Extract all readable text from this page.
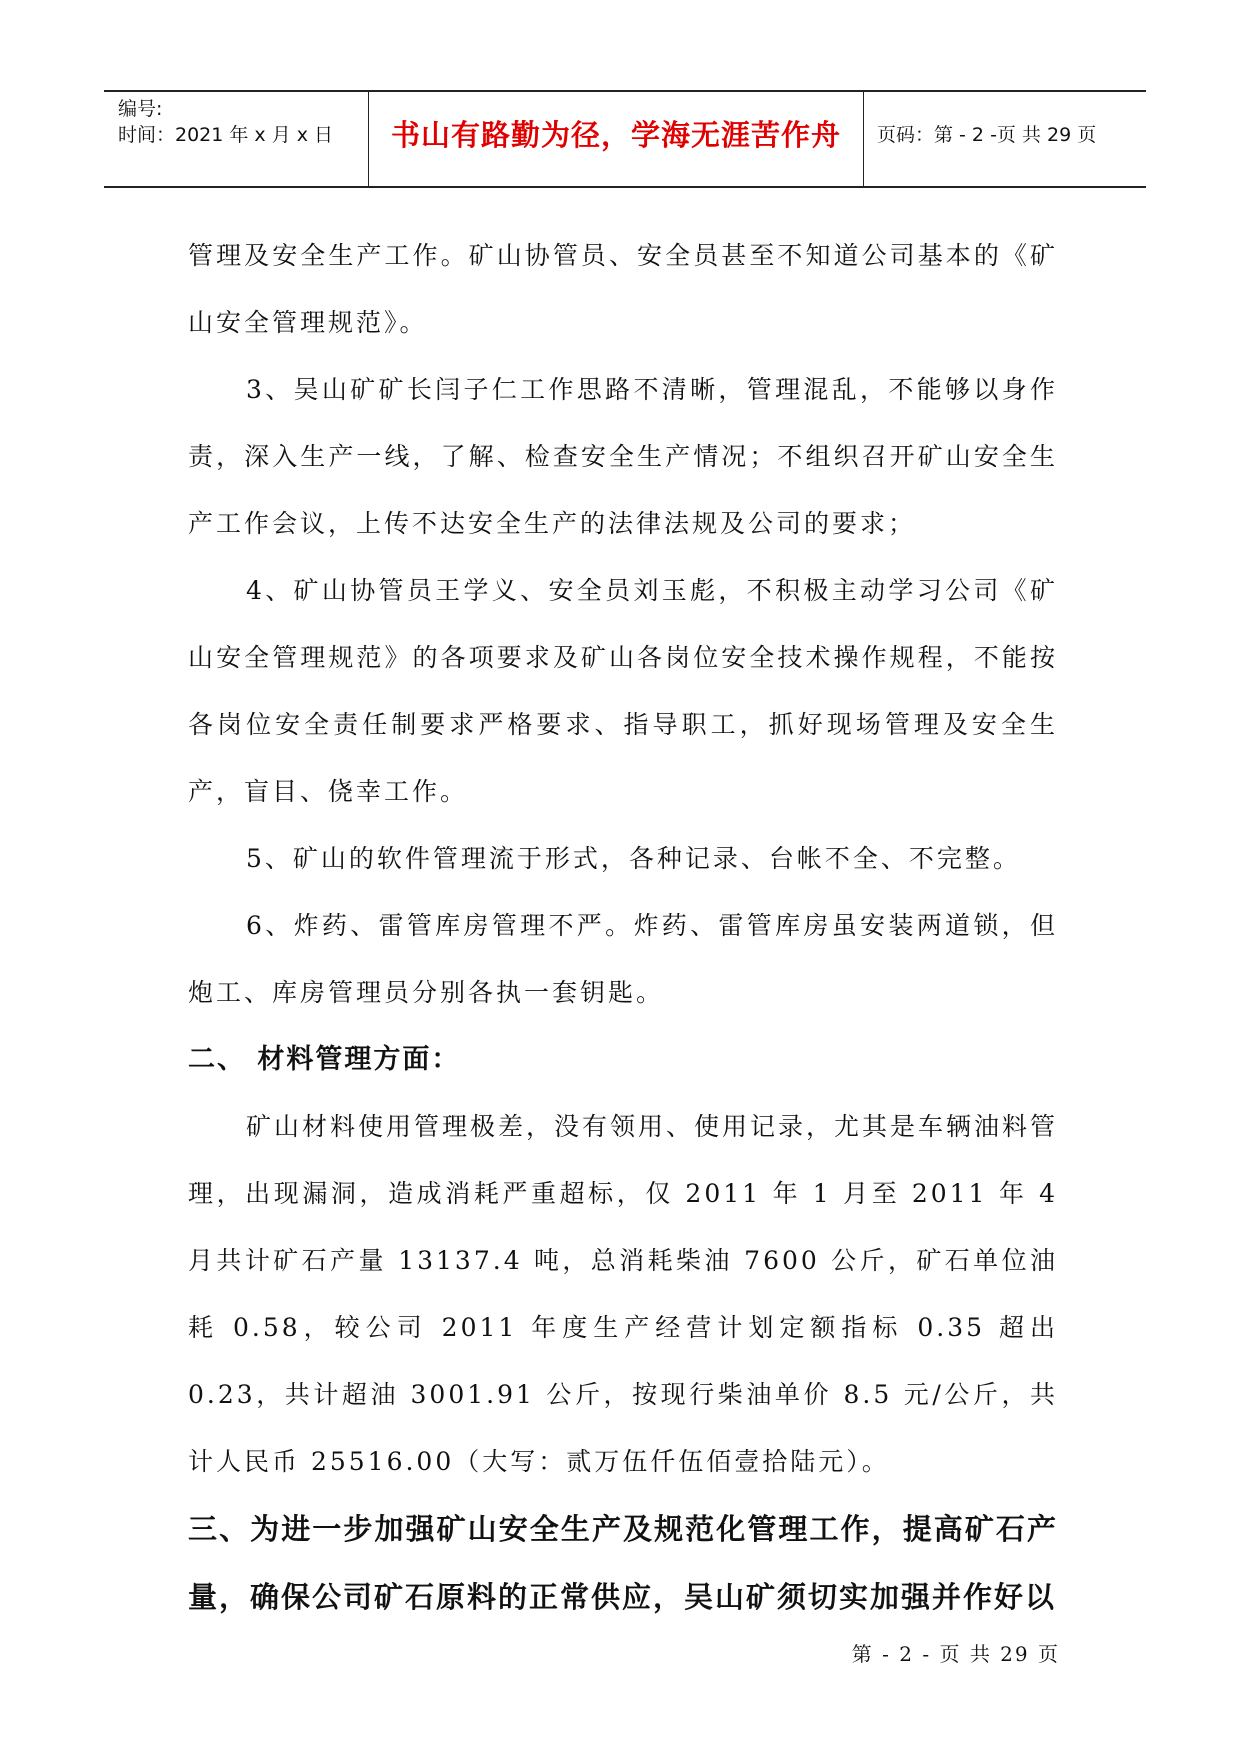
编号:
时间：2021 年 x 月 x 日 书山有路勤为径，学海无涯苦作舟 页码：第 - 2 -页 共 29 页

管理及安全生产工作。矿山协管员、安全员甚至不知道公司基本的《矿山安全管理规范》。

3、吴山矿矿长闫子仁工作思路不清晰，管理混乱，不能够以身作责，深入生产一线，了解、检查安全生产情况；不组织召开矿山安全生产工作会议，上传不达安全生产的法律法规及公司的要求；

4、矿山协管员王学义、安全员刘玉彪，不积极主动学习公司《矿山安全管理规范》的各项要求及矿山各岗位安全技术操作规程，不能按各岗位安全责任制要求严格要求、指导职工，抓好现场管理及安全生产，盲目、侥幸工作。

5、矿山的软件管理流于形式，各种记录、台帐不全、不完整。

6、炸药、雷管库房管理不严。炸药、雷管库房虽安装两道锁，但炮工、库房管理员分别各执一套钥匙。

二、 材料管理方面：

矿山材料使用管理极差，没有领用、使用记录，尤其是车辆油料管理，出现漏洞，造成消耗严重超标，仅 2011 年 1 月至 2011 年 4 月共计矿石产量 13137.4 吨，总消耗柴油 7600 公斤，矿石单位油耗 0.58，较公司 2011 年度生产经营计划定额指标 0.35 超出 0.23，共计超油 3001.91 公斤，按现行柴油单价 8.5 元/公斤，共计人民币 25516.00（大写：贰万伍仟伍佰壹拾陆元）。

三、为进一步加强矿山安全生产及规范化管理工作，提高矿石产量，确保公司矿石原料的正常供应，吴山矿须切实加强并作好以

第 - 2 - 页 共 29 页
